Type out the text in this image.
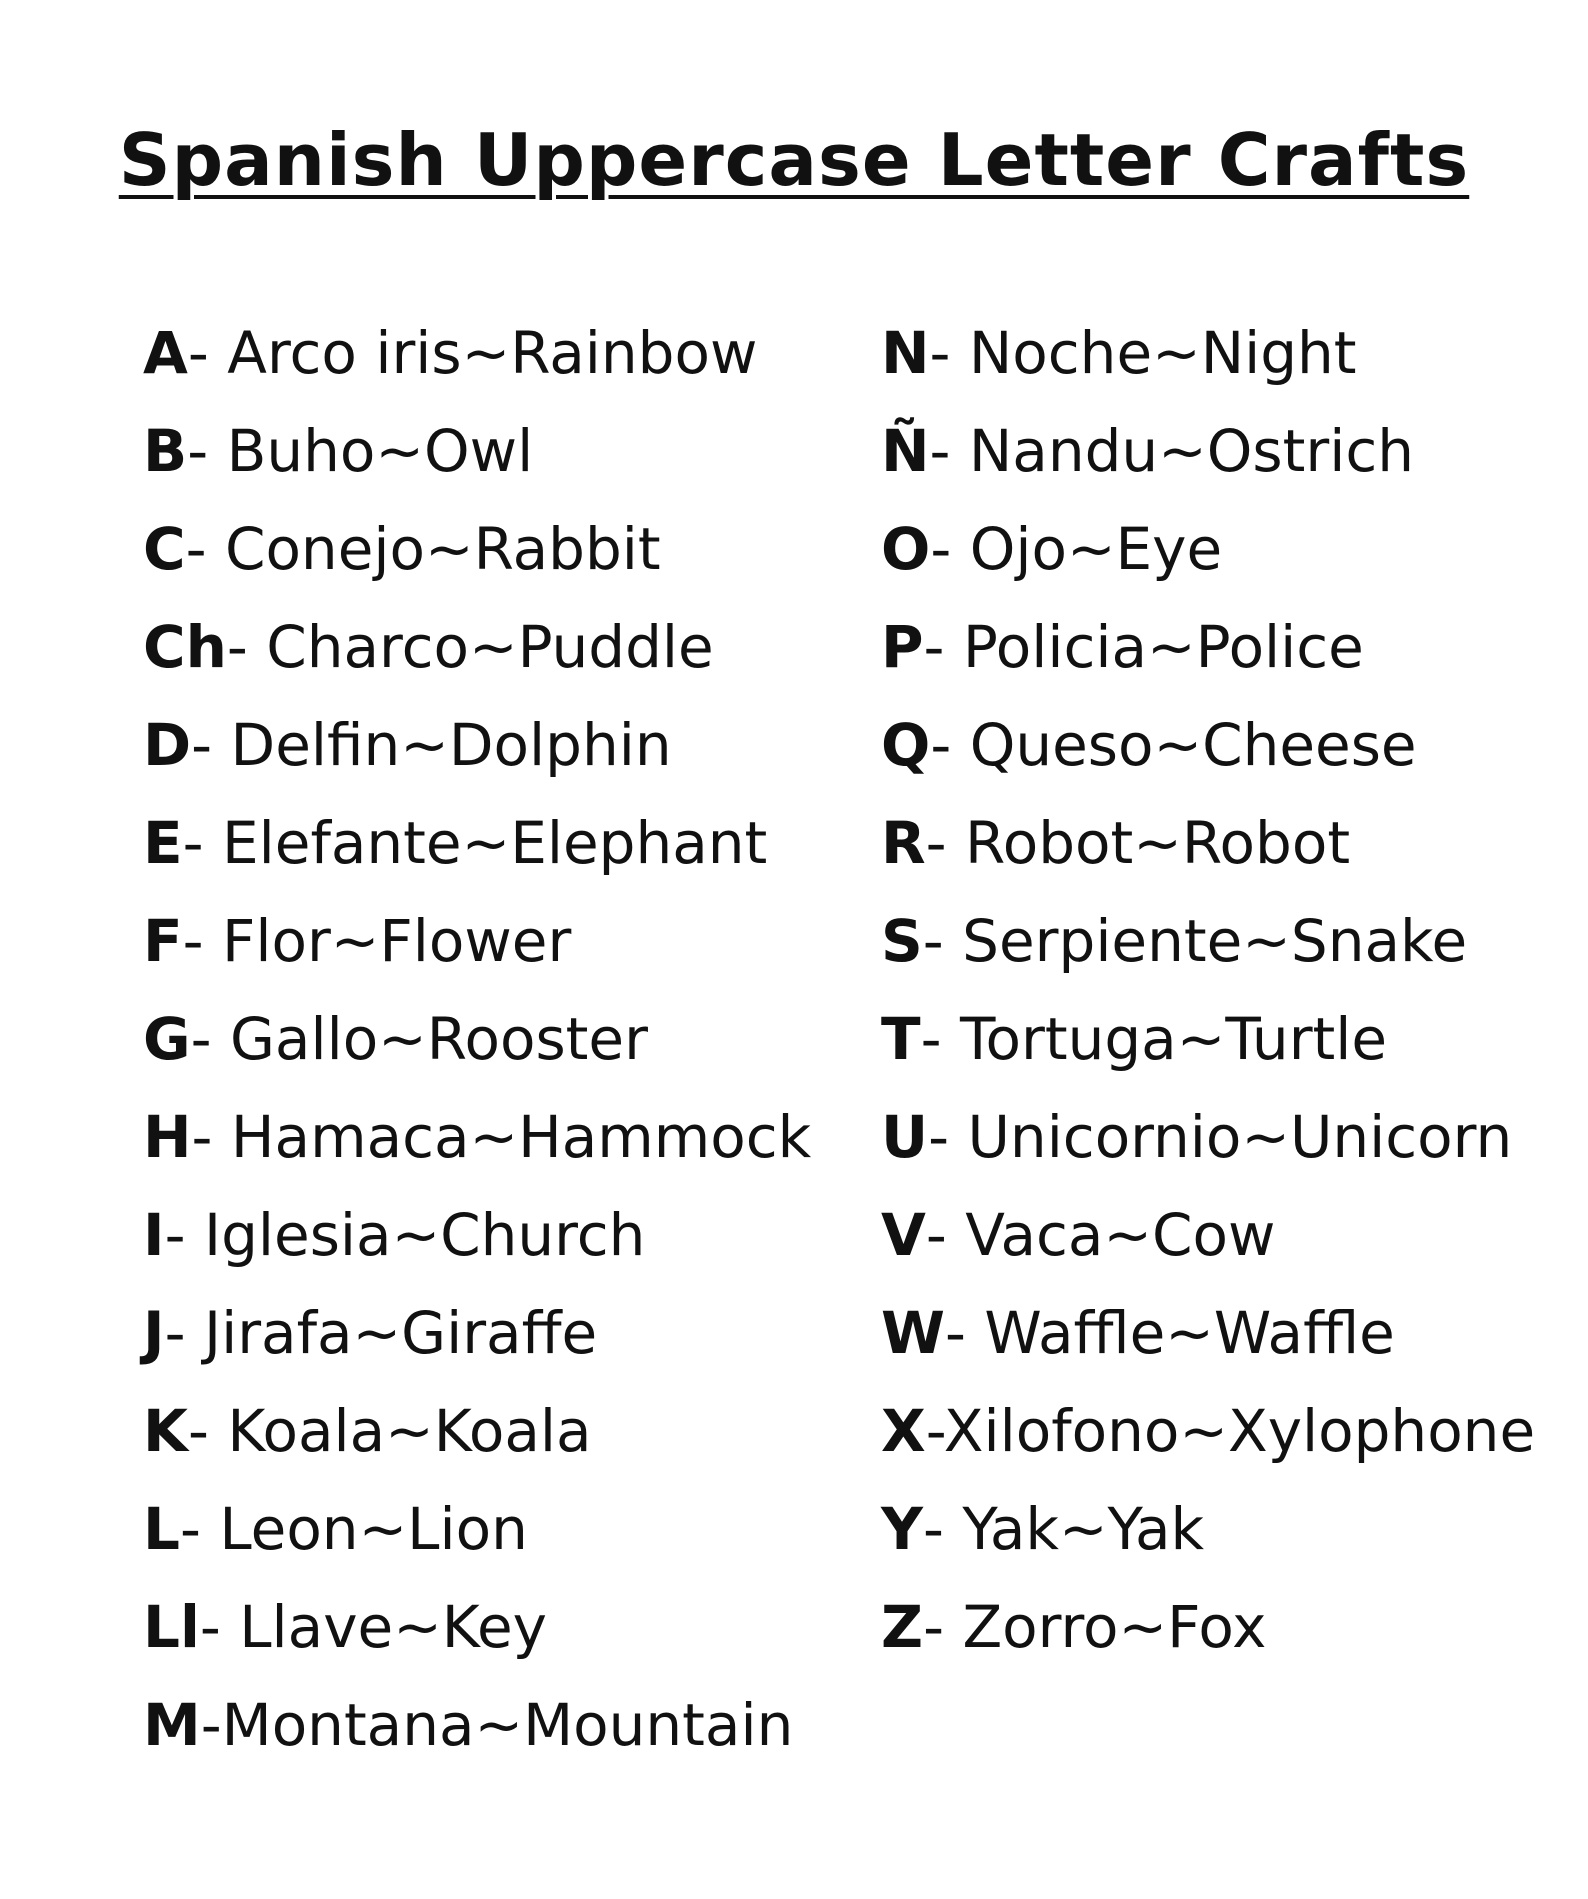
Spanish Uppercase Letter Crafts
A- Arco iris~Rainbow
B- Buho~Owl
C- Conejo~Rabbit
Ch- Charco~Puddle
D- Delfin~Dolphin
E- Elefante~Elephant
F- Flor~Flower
G- Gallo~Rooster
H- Hamaca~Hammock
I- Iglesia~Church
J- Jirafa~Giraffe
K- Koala~Koala
L- Leon~Lion
Ll- Llave~Key
M-Montana~Mountain
N- Noche~Night
Ñ- Nandu~Ostrich
O- Ojo~Eye
P- Policia~Police
Q- Queso~Cheese
R- Robot~Robot
S- Serpiente~Snake
T- Tortuga~Turtle
U- Unicornio~Unicorn
V- Vaca~Cow
W- Waffle~Waffle
X-Xilofono~Xylophone
Y- Yak~Yak
Z- Zorro~Fox
